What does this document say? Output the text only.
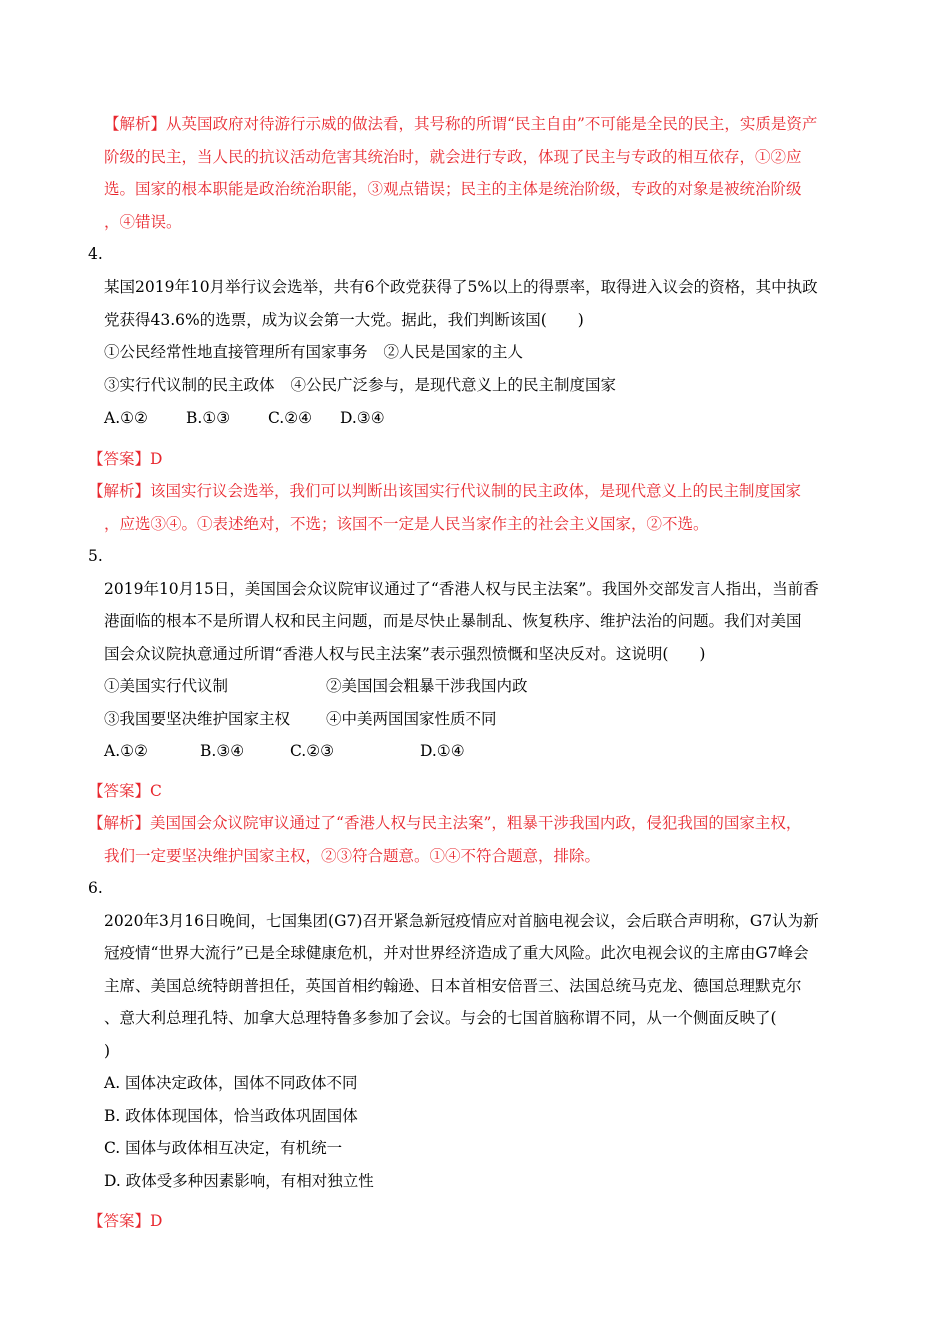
【解析】从英国政府对待游行示威的做法看，其号称的所谓“民主自由”不可能是全民的民主，实质是资产
阶级的民主，当人民的抗议活动危害其统治时，就会进行专政，体现了民主与专政的相互依存，①②应
选。国家的根本职能是政治统治职能，③观点错误；民主的主体是统治阶级，专政的对象是被统治阶级
，④错误。
4.
某国2019年10月举行议会选举，共有6个政党获得了5%以上的得票率，取得进入议会的资格，其中执政
党获得43.6%的选票，成为议会第一大党。据此，我们判断该国(　　)
①公民经常性地直接管理所有国家事务 ②人民是国家的主人
③实行代议制的民主政体 ④公民广泛参与，是现代意义上的民主制度国家
A.①② B.①③ C.②④ D.③④
【答案】D
【解析】该国实行议会选举，我们可以判断出该国实行代议制的民主政体，是现代意义上的民主制度国家
，应选③④。①表述绝对，不选；该国不一定是人民当家作主的社会主义国家，②不选。
5.
2019年10月15日，美国国会众议院审议通过了“香港人权与民主法案”。我国外交部发言人指出，当前香
港面临的根本不是所谓人权和民主问题，而是尽快止暴制乱、恢复秩序、维护法治的问题。我们对美国
国会众议院执意通过所谓“香港人权与民主法案”表示强烈愤慨和坚决反对。这说明(　　)
①美国实行代议制	②美国国会粗暴干涉我国内政
③我国要坚决维护国家主权 ④中美两国国家性质不同
A.①②	B.③④	C.②③	D.①④
【答案】C
【解析】美国国会众议院审议通过了“香港人权与民主法案”，粗暴干涉我国内政，侵犯我国的国家主权，
我们一定要坚决维护国家主权，②③符合题意。①④不符合题意，排除。
6.
2020年3月16日晚间，七国集团(G7)召开紧急新冠疫情应对首脑电视会议，会后联合声明称，G7认为新
冠疫情“世界大流行”已是全球健康危机，并对世界经济造成了重大风险。此次电视会议的主席由G7峰会
主席、美国总统特朗普担任，英国首相约翰逊、日本首相安倍晋三、法国总统马克龙、德国总理默克尔
、意大利总理孔特、加拿大总理特鲁多参加了会议。与会的七国首脑称谓不同，从一个侧面反映了(
)
A. 国体决定政体，国体不同政体不同
B. 政体体现国体，恰当政体巩固国体
C. 国体与政体相互决定，有机统一
D. 政体受多种因素影响，有相对独立性
【答案】D
